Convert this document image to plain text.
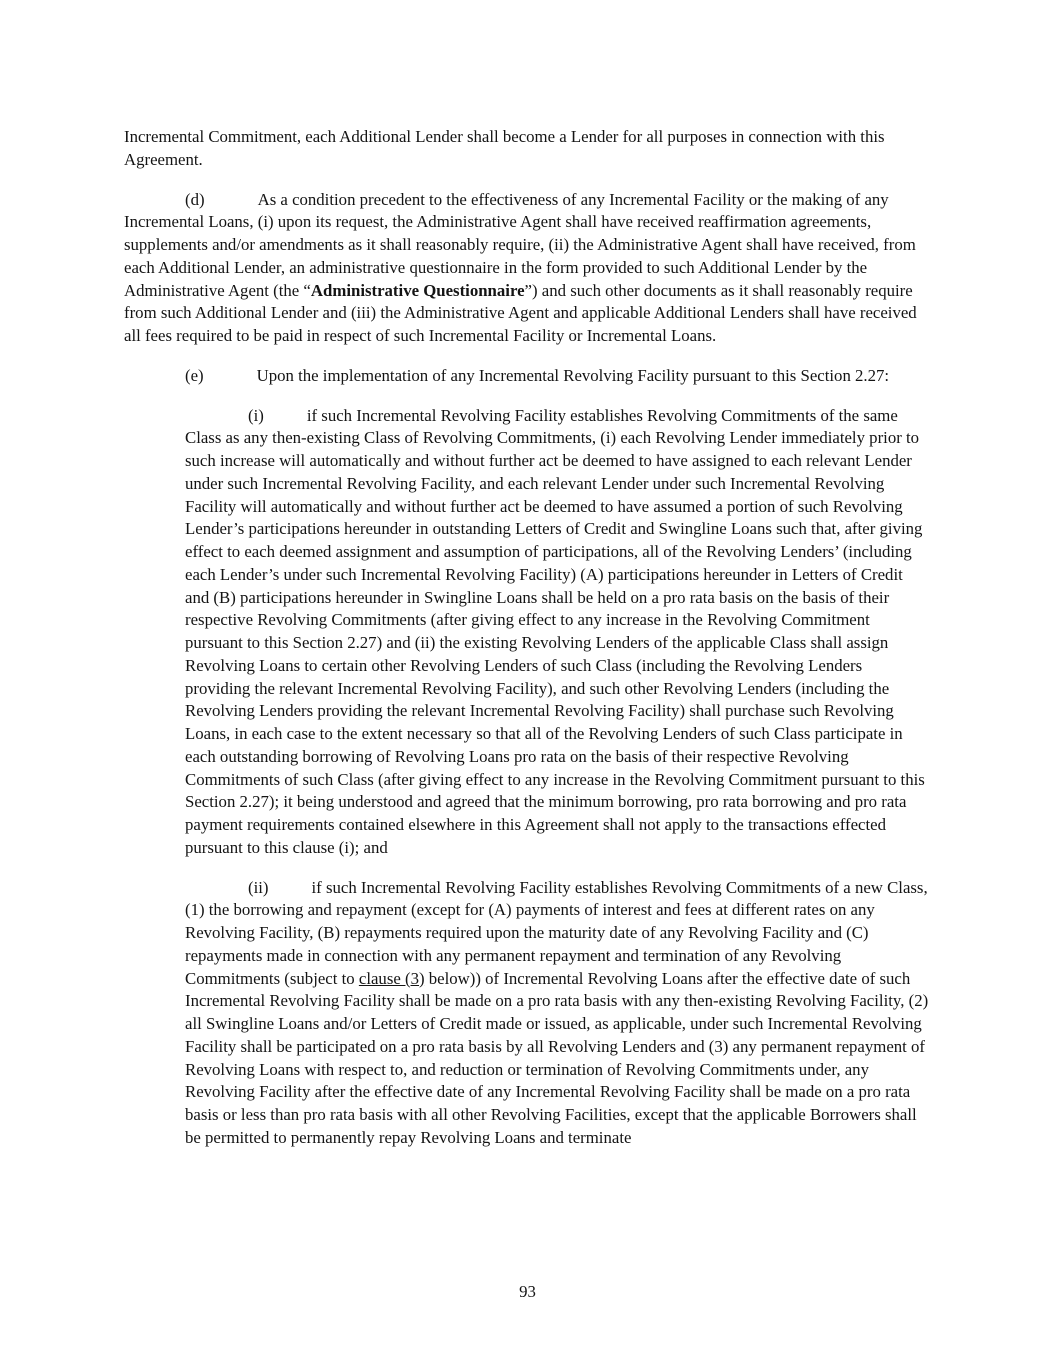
Incremental Commitment, each Additional Lender shall become a Lender for all purposes in connection with this Agreement.

(d)	As a condition precedent to the effectiveness of any Incremental Facility or the making of any Incremental Loans, (i) upon its request, the Administrative Agent shall have received reaffirmation agreements, supplements and/or amendments as it shall reasonably require, (ii) the Administrative Agent shall have received, from each Additional Lender, an administrative questionnaire in the form provided to such Additional Lender by the Administrative Agent (the “Administrative Questionnaire”) and such other documents as it shall reasonably require from such Additional Lender and (iii) the Administrative Agent and applicable Additional Lenders shall have received all fees required to be paid in respect of such Incremental Facility or Incremental Loans.

(e)	Upon the implementation of any Incremental Revolving Facility pursuant to this Section 2.27:

(i)	if such Incremental Revolving Facility establishes Revolving Commitments of the same Class as any then-existing Class of Revolving Commitments, (i) each Revolving Lender immediately prior to such increase will automatically and without further act be deemed to have assigned to each relevant Lender under such Incremental Revolving Facility, and each relevant Lender under such Incremental Revolving Facility will automatically and without further act be deemed to have assumed a portion of such Revolving Lender’s participations hereunder in outstanding Letters of Credit and Swingline Loans such that, after giving effect to each deemed assignment and assumption of participations, all of the Revolving Lenders’ (including each Lender’s under such Incremental Revolving Facility) (A) participations hereunder in Letters of Credit and (B) participations hereunder in Swingline Loans shall be held on a pro rata basis on the basis of their respective Revolving Commitments (after giving effect to any increase in the Revolving Commitment pursuant to this Section 2.27) and (ii) the existing Revolving Lenders of the applicable Class shall assign Revolving Loans to certain other Revolving Lenders of such Class (including the Revolving Lenders providing the relevant Incremental Revolving Facility), and such other Revolving Lenders (including the Revolving Lenders providing the relevant Incremental Revolving Facility) shall purchase such Revolving Loans, in each case to the extent necessary so that all of the Revolving Lenders of such Class participate in each outstanding borrowing of Revolving Loans pro rata on the basis of their respective Revolving Commitments of such Class (after giving effect to any increase in the Revolving Commitment pursuant to this Section 2.27); it being understood and agreed that the minimum borrowing, pro rata borrowing and pro rata payment requirements contained elsewhere in this Agreement shall not apply to the transactions effected pursuant to this clause (i); and

(ii)	if such Incremental Revolving Facility establishes Revolving Commitments of a new Class, (1) the borrowing and repayment (except for (A) payments of interest and fees at different rates on any Revolving Facility, (B) repayments required upon the maturity date of any Revolving Facility and (C) repayments made in connection with any permanent repayment and termination of any Revolving Commitments (subject to clause (3) below)) of Incremental Revolving Loans after the effective date of such Incremental Revolving Facility shall be made on a pro rata basis with any then-existing Revolving Facility, (2) all Swingline Loans and/or Letters of Credit made or issued, as applicable, under such Incremental Revolving Facility shall be participated on a pro rata basis by all Revolving Lenders and (3) any permanent repayment of Revolving Loans with respect to, and reduction or termination of Revolving Commitments under, any Revolving Facility after the effective date of any Incremental Revolving Facility shall be made on a pro rata basis or less than pro rata basis with all other Revolving Facilities, except that the applicable Borrowers shall be permitted to permanently repay Revolving Loans and terminate

93
